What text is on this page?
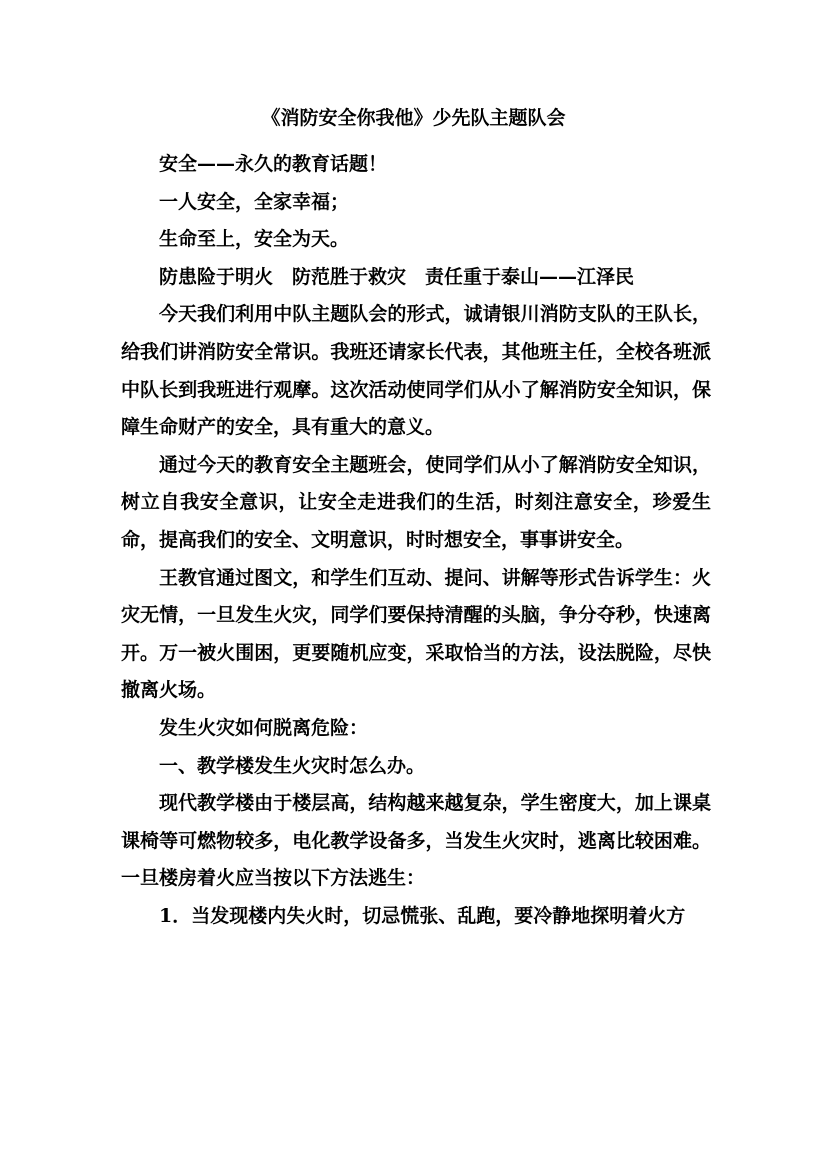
《消防安全你我他》少先队主题队会

安全——永久的教育话题！

一人安全，全家幸福；

生命至上，安全为天。

防患险于明火　防范胜于救灾　责任重于泰山——江泽民

今天我们利用中队主题队会的形式，诚请银川消防支队的王队长，给我们讲消防安全常识。我班还请家长代表，其他班主任，全校各班派中队长到我班进行观摩。这次活动使同学们从小了解消防安全知识，保障生命财产的安全，具有重大的意义。

通过今天的教育安全主题班会，使同学们从小了解消防安全知识，树立自我安全意识，让安全走进我们的生活，时刻注意安全，珍爱生命，提高我们的安全、文明意识，时时想安全，事事讲安全。

王教官通过图文，和学生们互动、提问、讲解等形式告诉学生：火灾无情，一旦发生火灾，同学们要保持清醒的头脑，争分夺秒，快速离开。万一被火围困，更要随机应变，采取恰当的方法，设法脱险，尽快撤离火场。

发生火灾如何脱离危险：

一、教学楼发生火灾时怎么办。

现代教学楼由于楼层高，结构越来越复杂，学生密度大，加上课桌课椅等可燃物较多，电化教学设备多，当发生火灾时，逃离比较困难。一旦楼房着火应当按以下方法逃生：

1．当发现楼内失火时，切忌慌张、乱跑，要冷静地探明着火方
